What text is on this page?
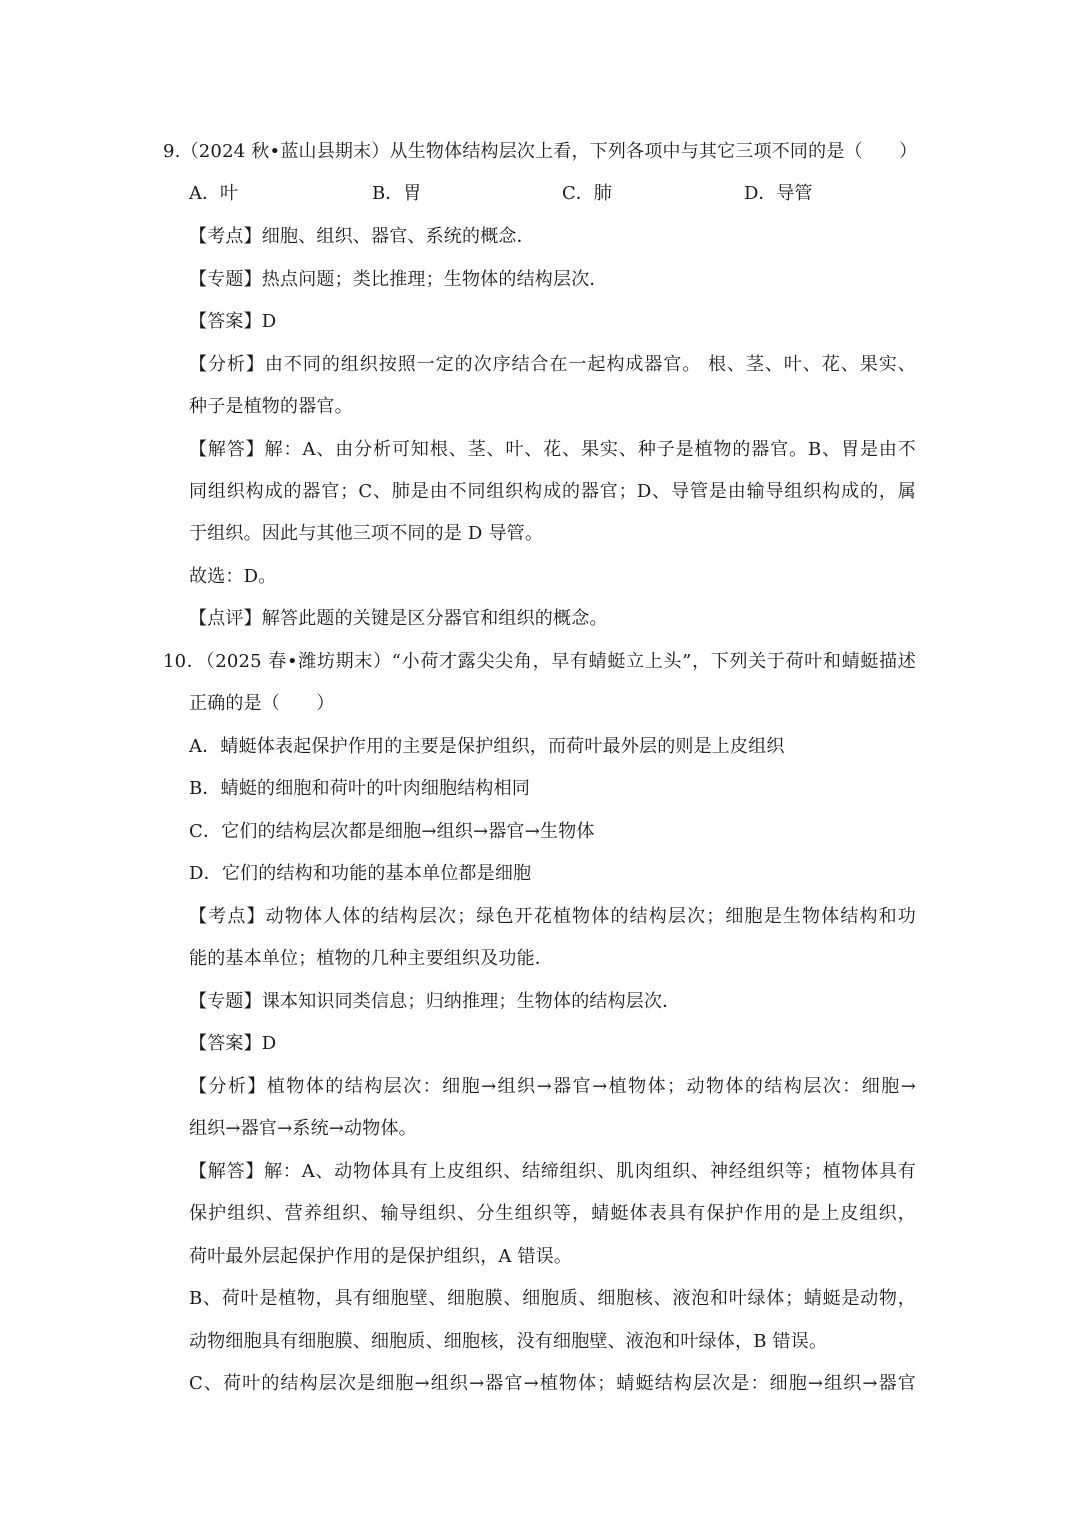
9.（2024 秋•蓝山县期末）从生物体结构层次上看，下列各项中与其它三项不同的是（　　）
A．叶	B．胃	C．肺	D．导管
【考点】细胞、组织、器官、系统的概念．
【专题】热点问题；类比推理；生物体的结构层次．
【答案】D
【分析】由不同的组织按照一定的次序结合在一起构成器官。 根、茎、叶、花、果实、
种子是植物的器官。
【解答】解：A、由分析可知根、茎、叶、花、果实、种子是植物的器官。B、胃是由不
同组织构成的器官；C、肺是由不同组织构成的器官；D、导管是由输导组织构成的，属
于组织。因此与其他三项不同的是 D 导管。
故选：D。
【点评】解答此题的关键是区分器官和组织的概念。
10．（2025 春•潍坊期末）“小荷才露尖尖角，早有蜻蜓立上头”，下列关于荷叶和蜻蜓描述
正确的是（　　）
A．蜻蜓体表起保护作用的主要是保护组织，而荷叶最外层的则是上皮组织
B．蜻蜓的细胞和荷叶的叶肉细胞结构相同
C．它们的结构层次都是细胞→组织→器官→生物体
D．它们的结构和功能的基本单位都是细胞
【考点】动物体人体的结构层次；绿色开花植物体的结构层次；细胞是生物体结构和功
能的基本单位；植物的几种主要组织及功能．
【专题】课本知识同类信息；归纳推理；生物体的结构层次．
【答案】D
【分析】植物体的结构层次：细胞→组织→器官→植物体；动物体的结构层次：细胞→
组织→器官→系统→动物体。
【解答】解：A、动物体具有上皮组织、结缔组织、肌肉组织、神经组织等；植物体具有
保护组织、营养组织、输导组织、分生组织等，蜻蜓体表具有保护作用的是上皮组织，
荷叶最外层起保护作用的是保护组织，A 错误。
B、荷叶是植物，具有细胞壁、细胞膜、细胞质、细胞核、液泡和叶绿体；蜻蜓是动物，
动物细胞具有细胞膜、细胞质、细胞核，没有细胞壁、液泡和叶绿体，B 错误。
C、荷叶的结构层次是细胞→组织→器官→植物体；蜻蜓结构层次是：细胞→组织→器官
